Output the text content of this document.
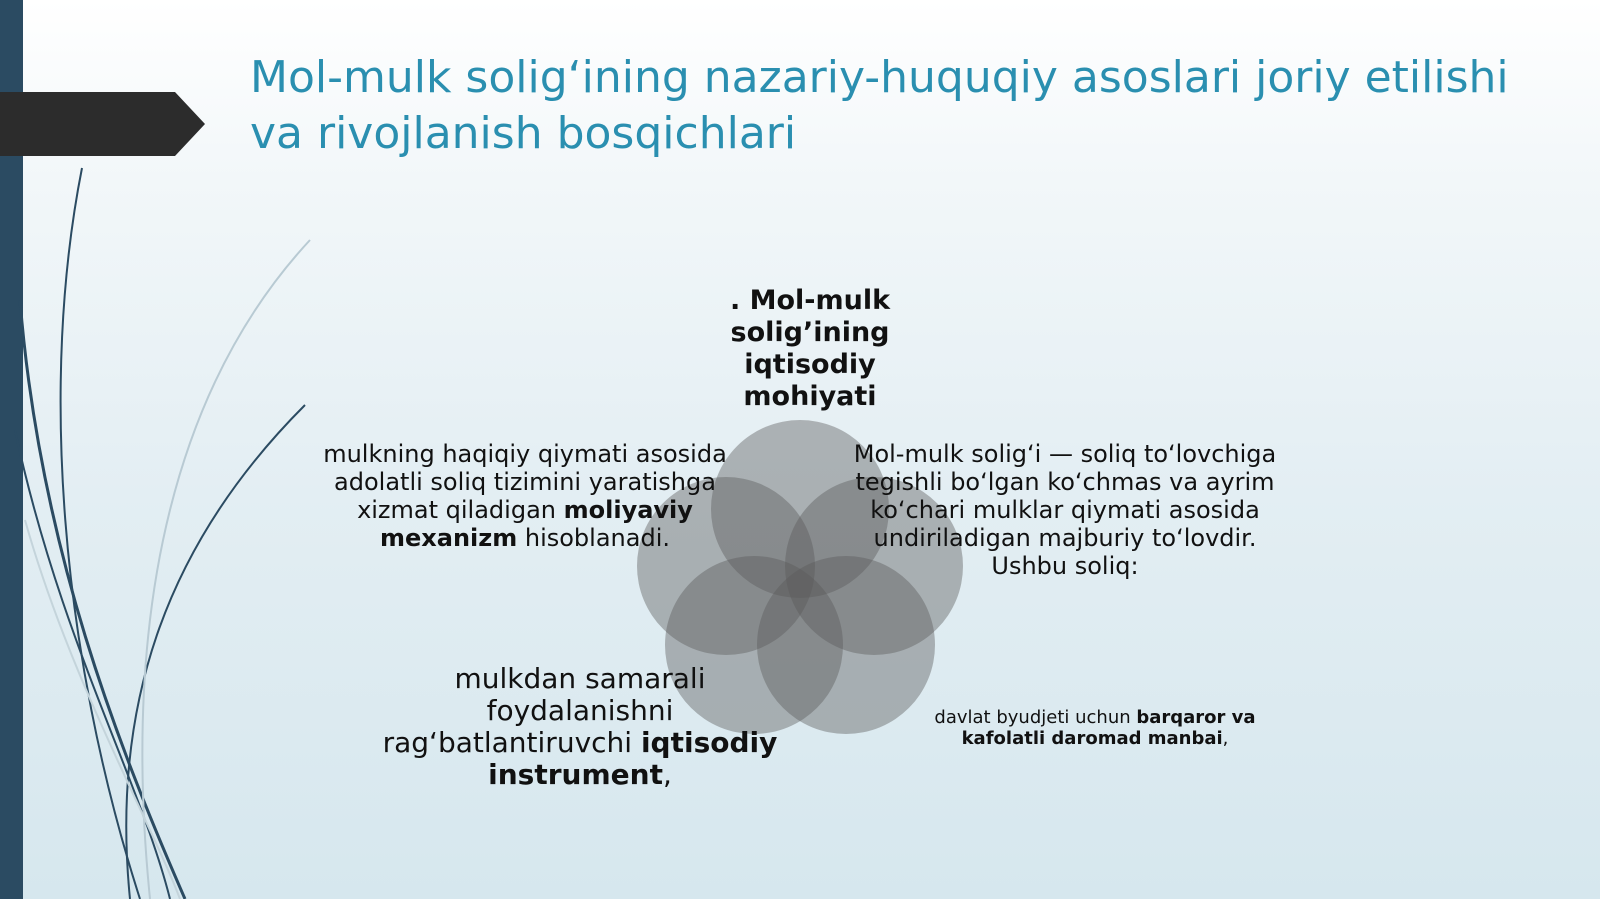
Mol-mulk solig‘ining nazariy-huquqiy asoslari joriy etilishi va rivojlanish bosqichlari
. Mol-mulk solig’ining iqtisodiy mohiyati
mulkning haqiqiy qiymati asosida adolatli soliq tizimini yaratishga xizmat qiladigan moliyaviy mexanizm hisoblanadi.
Mol-mulk solig‘i — soliq to‘lovchiga tegishli bo‘lgan ko‘chmas va ayrim ko‘chari mulklar qiymati asosida undiriladigan majburiy to‘lovdir. Ushbu soliq:
mulkdan samarali foydalanishni rag‘batlantiruvchi iqtisodiy instrument,
davlat byudjeti uchun barqaror va kafolatli daromad manbai,
